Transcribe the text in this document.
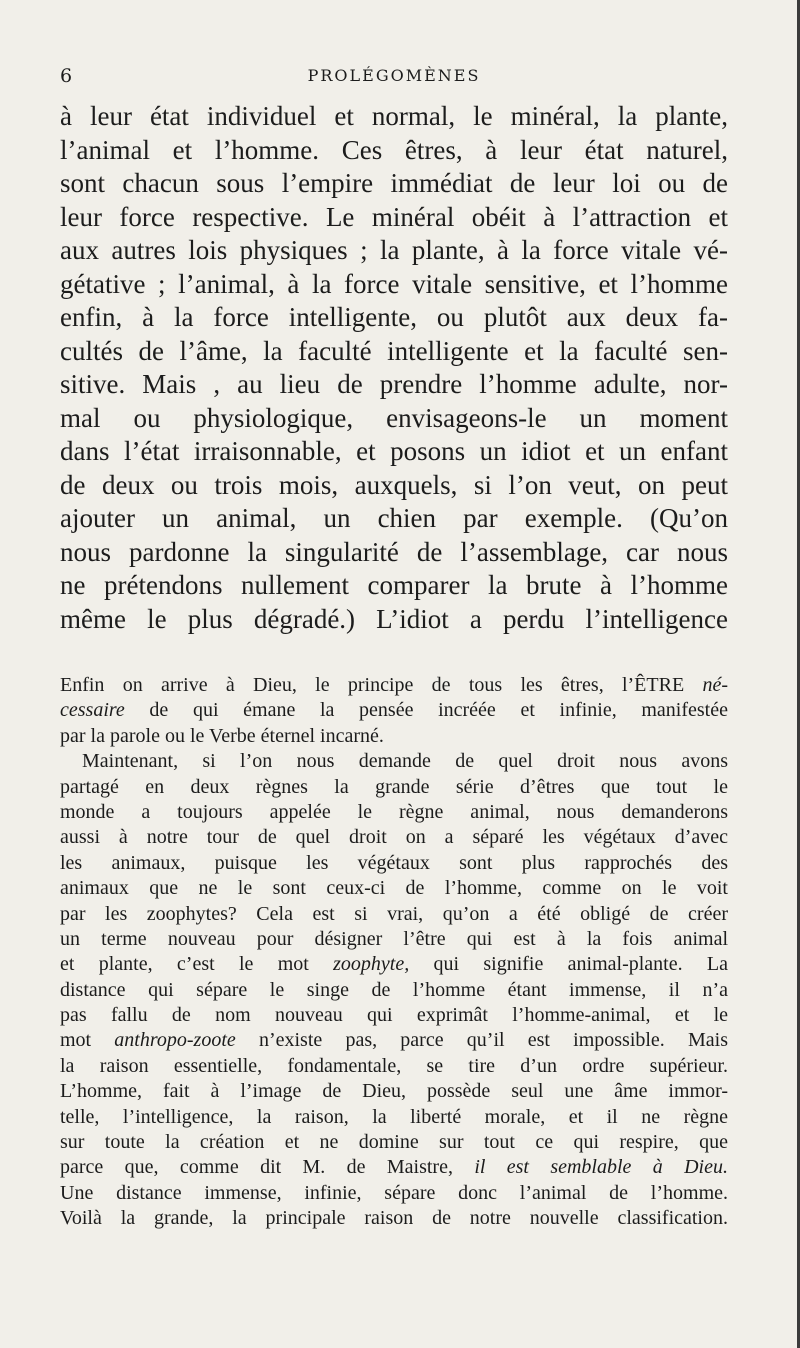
6	PROLÉGOMÈNES
à leur état individuel et normal, le minéral, la plante,
l’animal et l’homme. Ces êtres, à leur état naturel,
sont chacun sous l’empire immédiat de leur loi ou de
leur force respective. Le minéral obéit à l’attraction et
aux autres lois physiques ; la plante, à la force vitale vé-
gétative ; l’animal, à la force vitale sensitive, et l’homme
enfin, à la force intelligente, ou plutôt aux deux fa-
cultés de l’âme, la faculté intelligente et la faculté sen-
sitive. Mais , au lieu de prendre l’homme adulte, nor-
mal ou physiologique, envisageons-le un moment
dans l’état irraisonnable, et posons un idiot et un enfant
de deux ou trois mois, auxquels, si l’on veut, on peut
ajouter un animal, un chien par exemple. (Qu’on
nous pardonne la singularité de l’assemblage, car nous
ne prétendons nullement comparer la brute à l’homme
même le plus dégradé.) L’idiot a perdu l’intelligence
Enfin on arrive à Dieu, le principe de tous les êtres, l’ÊTRE né-
cessaire de qui émane la pensée incréée et infinie, manifestée
par la parole ou le Verbe éternel incarné.
Maintenant, si l’on nous demande de quel droit nous avons
partagé en deux règnes la grande série d’êtres que tout le
monde a toujours appelée le règne animal, nous demanderons
aussi à notre tour de quel droit on a séparé les végétaux d’avec
les animaux, puisque les végétaux sont plus rapprochés des
animaux que ne le sont ceux-ci de l’homme, comme on le voit
par les zoophytes? Cela est si vrai, qu’on a été obligé de créer
un terme nouveau pour désigner l’être qui est à la fois animal
et plante, c’est le mot zoophyte, qui signifie animal-plante. La
distance qui sépare le singe de l’homme étant immense, il n’a
pas fallu de nom nouveau qui exprimât l’homme-animal, et le
mot anthropo-zoote n’existe pas, parce qu’il est impossible. Mais
la raison essentielle, fondamentale, se tire d’un ordre supérieur.
L’homme, fait à l’image de Dieu, possède seul une âme immor-
telle, l’intelligence, la raison, la liberté morale, et il ne règne
sur toute la création et ne domine sur tout ce qui respire, que
parce que, comme dit M. de Maistre, il est semblable à Dieu.
Une distance immense, infinie, sépare donc l’animal de l’homme.
Voilà la grande, la principale raison de notre nouvelle classification.
